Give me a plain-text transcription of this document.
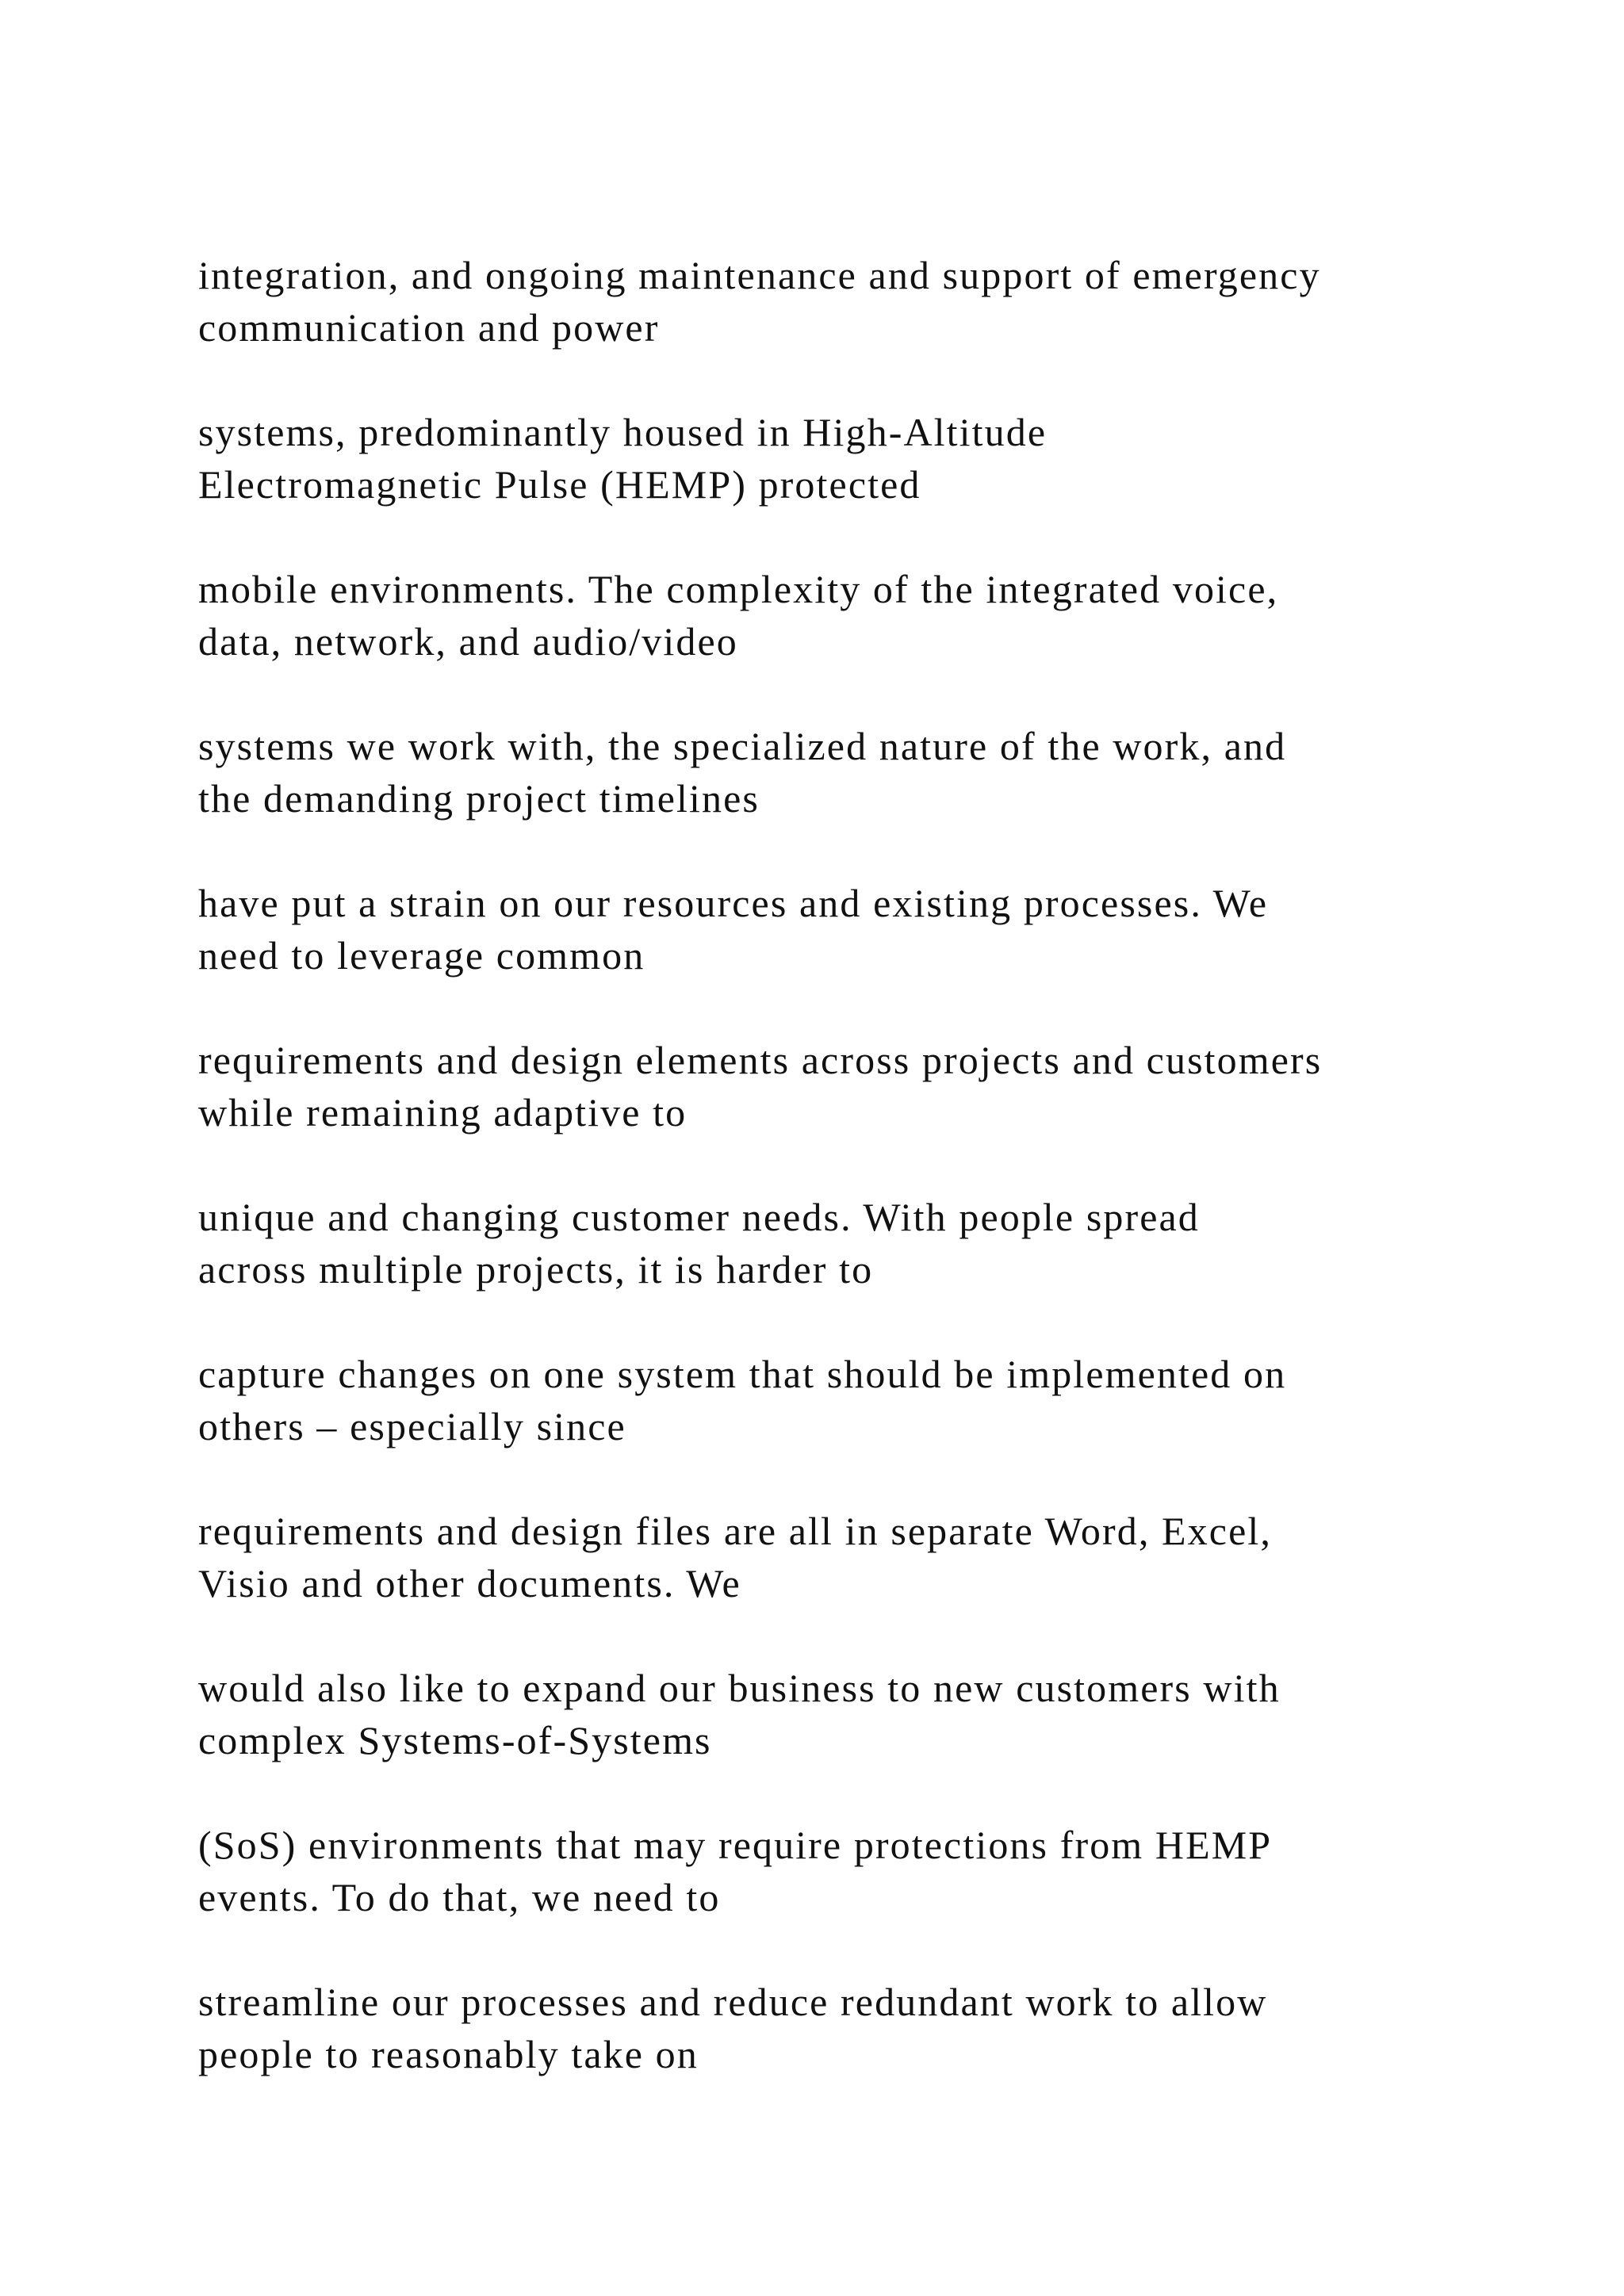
integration, and ongoing maintenance and support of emergency
communication and power

systems, predominantly housed in High-Altitude
Electromagnetic Pulse (HEMP) protected

mobile environments. The complexity of the integrated voice,
data, network, and audio/video

systems we work with, the specialized nature of the work, and
the demanding project timelines

have put a strain on our resources and existing processes. We
need to leverage common

requirements and design elements across projects and customers
while remaining adaptive to

unique and changing customer needs. With people spread
across multiple projects, it is harder to

capture changes on one system that should be implemented on
others – especially since

requirements and design files are all in separate Word, Excel,
Visio and other documents. We

would also like to expand our business to new customers with
complex Systems-of-Systems

(SoS) environments that may require protections from HEMP
events. To do that, we need to

streamline our processes and reduce redundant work to allow
people to reasonably take on
